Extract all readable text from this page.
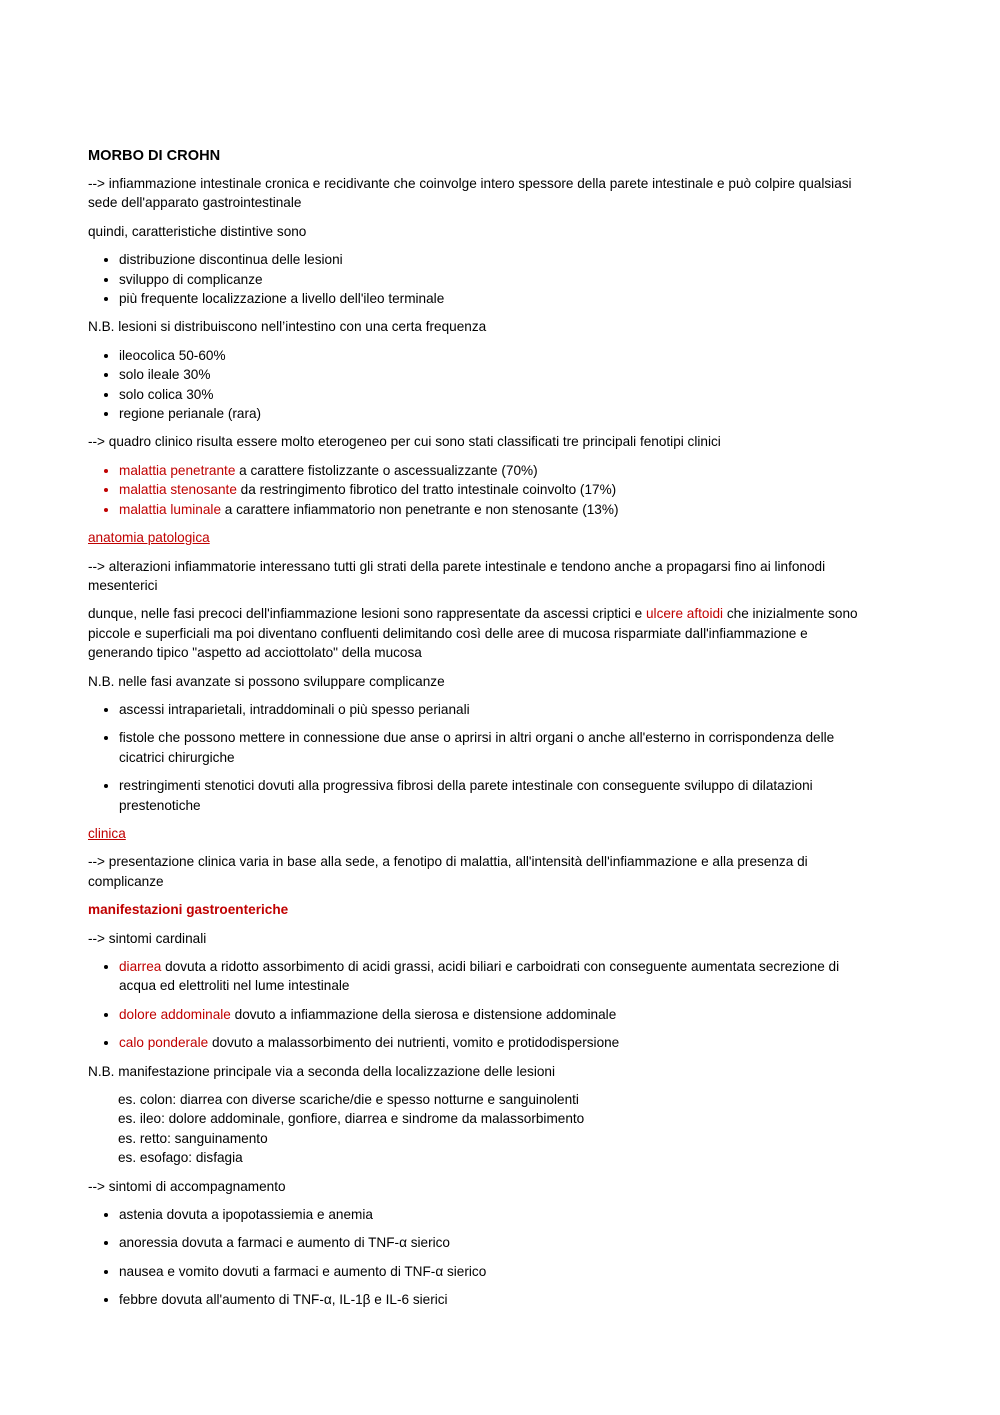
MORBO DI CROHN

--> infiammazione intestinale cronica e recidivante che coinvolge intero spessore della parete intestinale e può colpire qualsiasi sede dell'apparato gastrointestinale

quindi, caratteristiche distintive sono

• distribuzione discontinua delle lesioni
• sviluppo di complicanze
• più frequente localizzazione a livello dell'ileo terminale

N.B. lesioni si distribuiscono nell’intestino con una certa frequenza

• ileocolica 50-60%
• solo ileale 30%
• solo colica 30%
• regione perianale (rara)

--> quadro clinico risulta essere molto eterogeneo per cui sono stati classificati tre principali fenotipi clinici

• malattia penetrante a carattere fistolizzante o ascessualizzante (70%)
• malattia stenosante da restringimento fibrotico del tratto intestinale coinvolto (17%)
• malattia luminale a carattere infiammatorio non penetrante e non stenosante (13%)

anatomia patologica

--> alterazioni infiammatorie interessano tutti gli strati della parete intestinale e tendono anche a propagarsi fino ai linfonodi mesenterici

dunque, nelle fasi precoci dell'infiammazione lesioni sono rappresentate da ascessi criptici e ulcere aftoidi che inizialmente sono piccole e superficiali ma poi diventano confluenti delimitando così delle aree di mucosa risparmiate dall'infiammazione e generando tipico "aspetto ad acciottolato" della mucosa

N.B. nelle fasi avanzate si possono sviluppare complicanze

• ascessi intraparietali, intraddominali o più spesso perianali
• fistole che possono mettere in connessione due anse o aprirsi in altri organi o anche all'esterno in corrispondenza delle cicatrici chirurgiche
• restringimenti stenotici dovuti alla progressiva fibrosi della parete intestinale con conseguente sviluppo di dilatazioni prestenotiche

clinica

--> presentazione clinica varia in base alla sede, a fenotipo di malattia, all'intensità dell'infiammazione e alla presenza di complicanze

manifestazioni gastroenteriche

--> sintomi cardinali

• diarrea dovuta a ridotto assorbimento di acidi grassi, acidi biliari e carboidrati con conseguente aumentata secrezione di acqua ed elettroliti nel lume intestinale
• dolore addominale dovuto a infiammazione della sierosa e distensione addominale
• calo ponderale dovuto a malassorbimento dei nutrienti, vomito e protidodispersione

N.B. manifestazione principale via a seconda della localizzazione delle lesioni

es. colon: diarrea con diverse scariche/die e spesso notturne e sanguinolenti
es. ileo: dolore addominale, gonfiore, diarrea e sindrome da malassorbimento
es. retto: sanguinamento
es. esofago: disfagia

--> sintomi di accompagnamento

• astenia dovuta a ipopotassiemia e anemia
• anoressia dovuta a farmaci e aumento di TNF-α sierico
• nausea e vomito dovuti a farmaci e aumento di TNF-α sierico
• febbre dovuta all'aumento di TNF-α, IL-1β e IL-6 sierici
